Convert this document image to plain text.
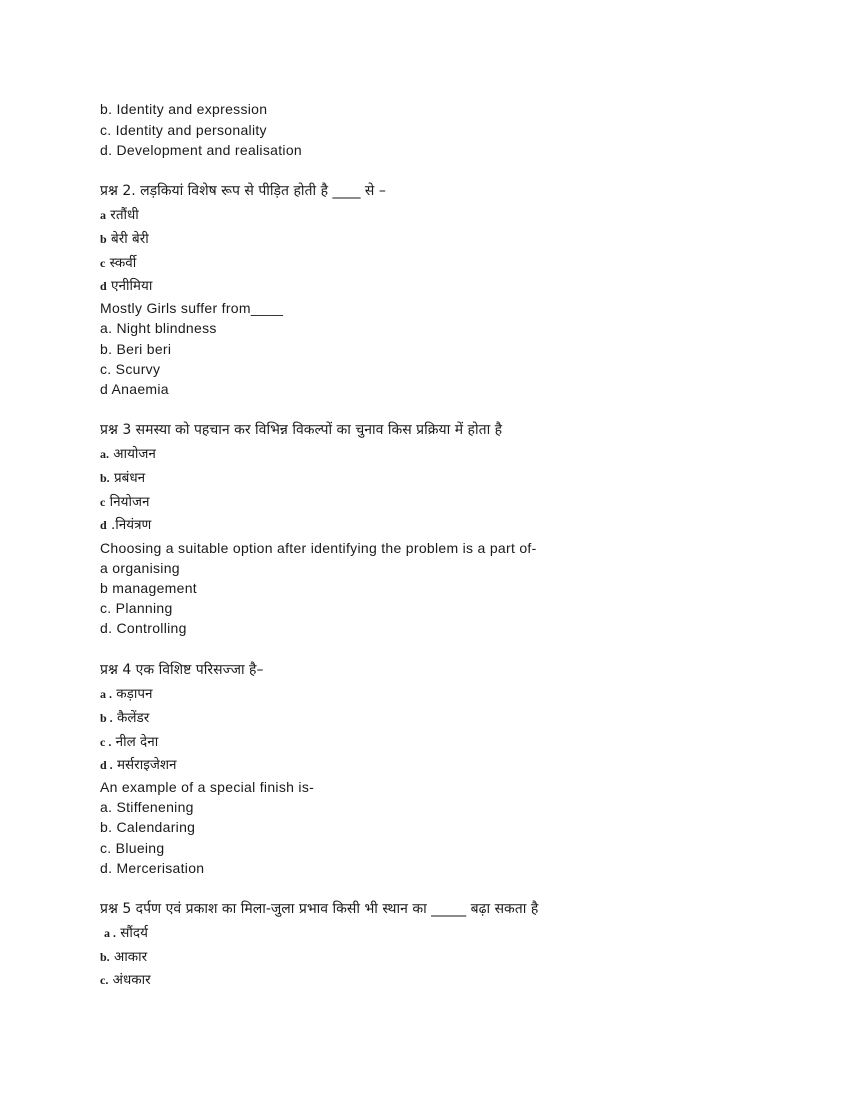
b. Identity and expression
c. Identity and personality
d. Development and realisation
प्रश्न 2. लड़कियां विशेष रूप से पीड़ित होती है ____ से –
a रतौंधी
b बेरी बेरी
c स्कर्वी
d एनीमिया
Mostly Girls suffer from____
a. Night blindness
b. Beri beri
c. Scurvy
d Anaemia
प्रश्न 3 समस्या को पहचान कर विभिन्न विकल्पों का चुनाव किस प्रक्रिया में होता है
a. आयोजन
b. प्रबंधन
c नियोजन
d .नियंत्रण
Choosing a suitable option after identifying the problem is a part of-
a organising
b management
c. Planning
d. Controlling
प्रश्न 4 एक विशिष्ट परिसज्जा है–
a . कड़ापन
b . कैलेंडर
c . नील देना
d . मर्सराइजेशन
An example of a special finish is-
a. Stiffenening
b. Calendaring
c. Blueing
d. Mercerisation
प्रश्न 5 दर्पण एवं प्रकाश का मिला-जुला प्रभाव किसी भी स्थान का _____ बढ़ा सकता है
a . सौंदर्य
b. आकार
c. अंधकार
